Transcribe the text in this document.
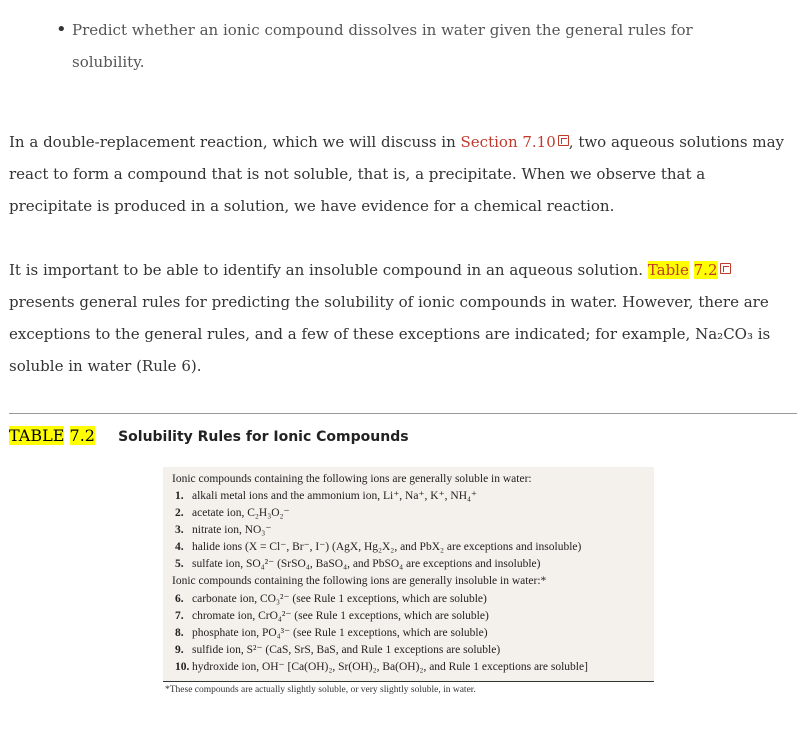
• Predict whether an ionic compound dissolves in water given the general rules for solubility.
In a double-replacement reaction, which we will discuss in Section 7.10 , two aqueous solutions may react to form a compound that is not soluble, that is, a precipitate. When we observe that a precipitate is produced in a solution, we have evidence for a chemical reaction.
It is important to be able to identify an insoluble compound in an aqueous solution. Table 7.2 presents general rules for predicting the solubility of ionic compounds in water. However, there are exceptions to the general rules, and a few of these exceptions are indicated; for example, Na₂CO₃ is soluble in water (Rule 6).
TABLE 7.2 Solubility Rules for Ionic Compounds
Ionic compounds containing the following ions are generally soluble in water:
1. alkali metal ions and the ammonium ion, Li⁺, Na⁺, K⁺, NH₄⁺
2. acetate ion, C₂H₃O₂⁻
3. nitrate ion, NO₃⁻
4. halide ions (X = Cl⁻, Br⁻, I⁻) (AgX, Hg₂X₂, and PbX₂ are exceptions and insoluble)
5. sulfate ion, SO₄²⁻ (SrSO₄, BaSO₄, and PbSO₄ are exceptions and insoluble)
Ionic compounds containing the following ions are generally insoluble in water:*
6. carbonate ion, CO₃²⁻ (see Rule 1 exceptions, which are soluble)
7. chromate ion, CrO₄²⁻ (see Rule 1 exceptions, which are soluble)
8. phosphate ion, PO₄³⁻ (see Rule 1 exceptions, which are soluble)
9. sulfide ion, S²⁻ (CaS, SrS, BaS, and Rule 1 exceptions are soluble)
10. hydroxide ion, OH⁻ [Ca(OH)₂, Sr(OH)₂, Ba(OH)₂, and Rule 1 exceptions are soluble]
*These compounds are actually slightly soluble, or very slightly soluble, in water.
